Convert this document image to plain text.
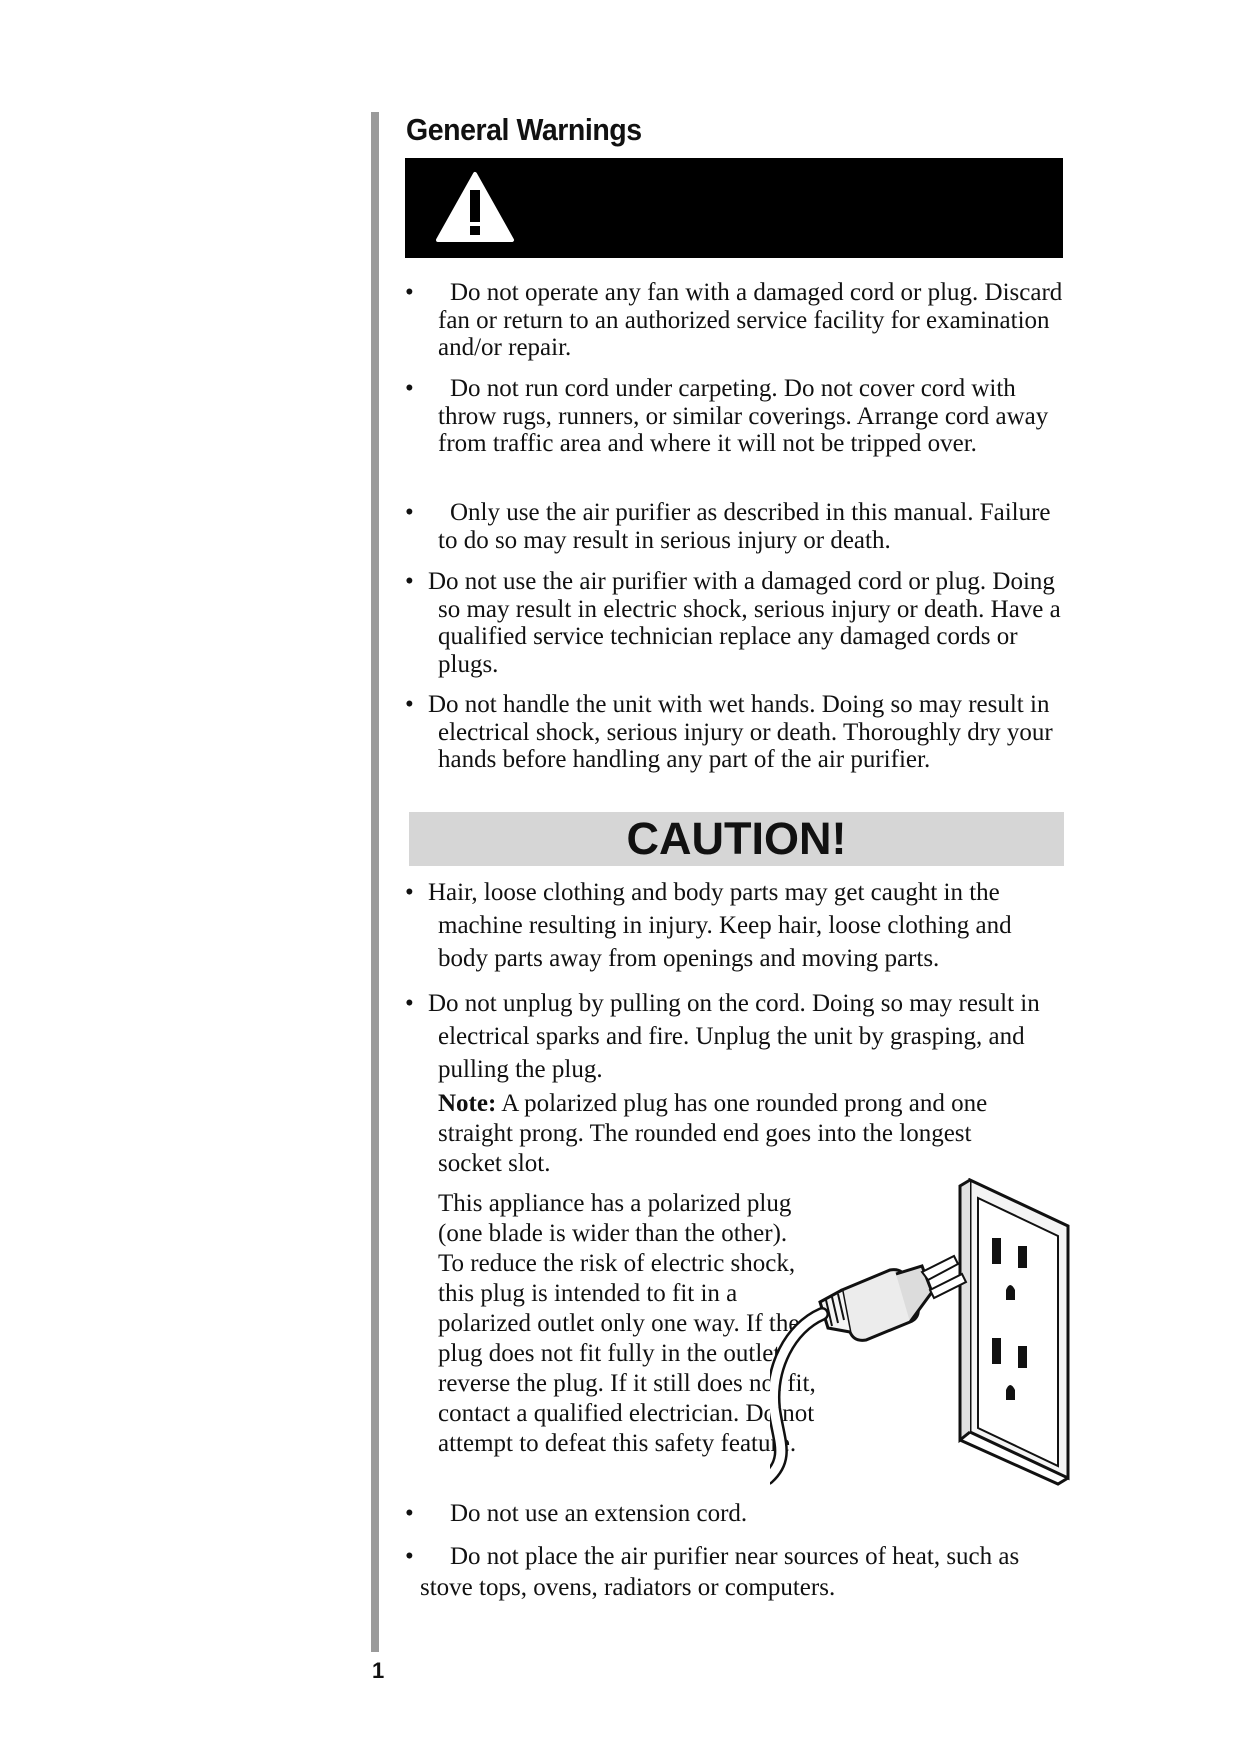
General Warnings
•	Do not operate any fan with a damaged cord or plug. Discard fan or return to an authorized service facility for examination and/or repair.
•	Do not run cord under carpeting. Do not cover cord with throw rugs, runners, or similar coverings. Arrange cord away from traffic area and where it will not be tripped over.
•	Only use the air purifier as described in this manual. Failure to do so may result in serious injury or death.
• Do not use the air purifier with a damaged cord or plug. Doing so may result in electric shock, serious injury or death. Have a qualified service technician replace any damaged cords or plugs.
• Do not handle the unit with wet hands. Doing so may result in electrical shock, serious injury or death. Thoroughly dry your hands before handling any part of the air purifier.
CAUTION!
• Hair, loose clothing and body parts may get caught in the machine resulting in injury. Keep hair, loose clothing and body parts away from openings and moving parts.
• Do not unplug by pulling on the cord. Doing so may result in electrical sparks and fire. Unplug the unit by grasping, and pulling the plug.
Note: A polarized plug has one rounded prong and one straight prong. The rounded end goes into the longest socket slot.
This appliance has a polarized plug (one blade is wider than the other). To reduce the risk of electric shock, this plug is intended to fit in a polarized outlet only one way. If the plug does not fit fully in the outlet, reverse the plug. If it still does not fit, contact a qualified electrician. Do not attempt to defeat this safety feature.
•	Do not use an extension cord.
•	Do not place the air purifier near sources of heat, such as stove tops, ovens, radiators or computers.
1
